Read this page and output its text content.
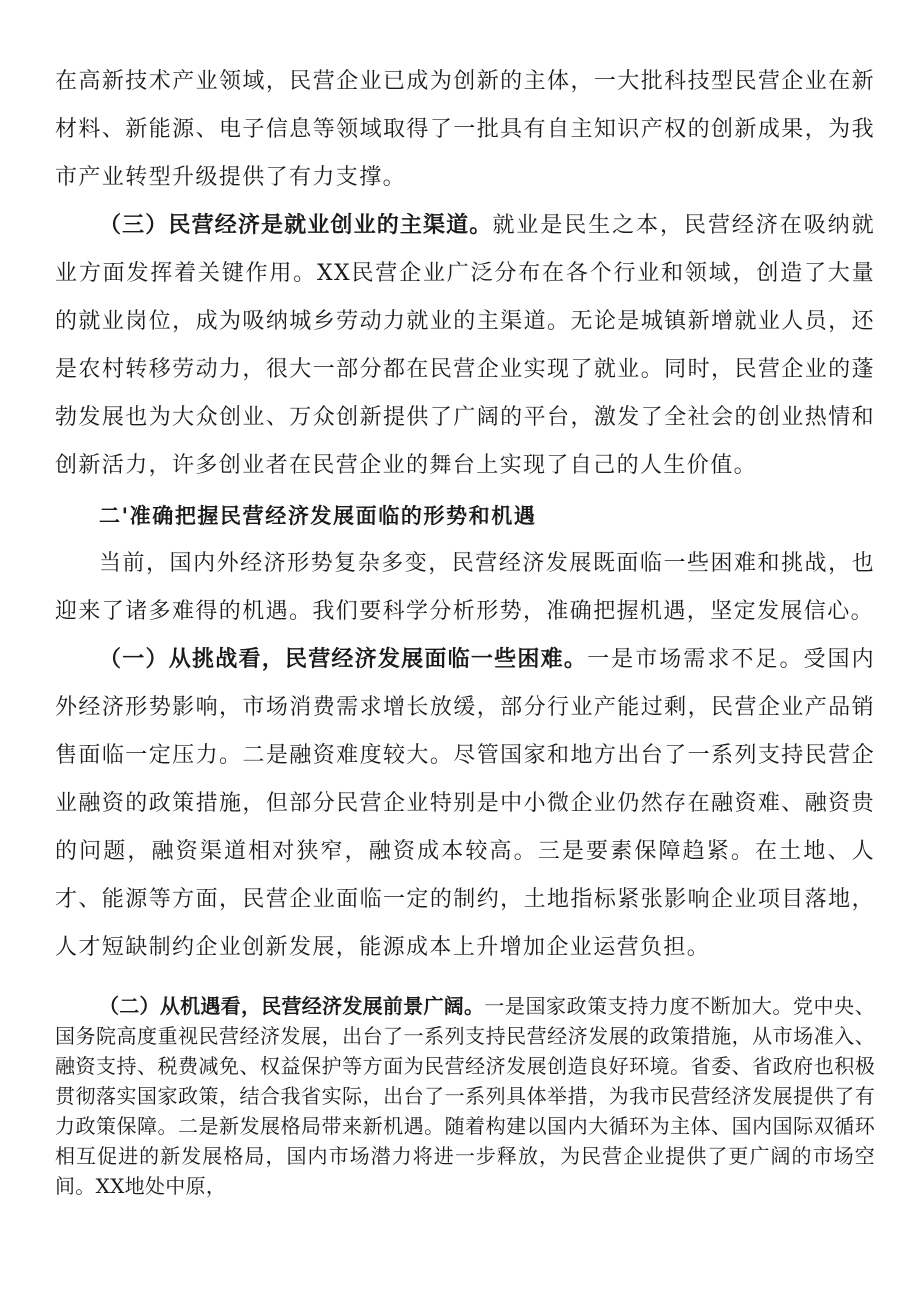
在高新技术产业领域，民营企业已成为创新的主体，一大批科技型民营企业在新材料、新能源、电子信息等领域取得了一批具有自主知识产权的创新成果，为我市产业转型升级提供了有力支撑。

（三）民营经济是就业创业的主渠道。就业是民生之本，民营经济在吸纳就业方面发挥着关键作用。XX民营企业广泛分布在各个行业和领域，创造了大量的就业岗位，成为吸纳城乡劳动力就业的主渠道。无论是城镇新增就业人员，还是农村转移劳动力，很大一部分都在民营企业实现了就业。同时，民营企业的蓬勃发展也为大众创业、万众创新提供了广阔的平台，激发了全社会的创业热情和创新活力，许多创业者在民营企业的舞台上实现了自己的人生价值。

二'准确把握民营经济发展面临的形势和机遇

当前，国内外经济形势复杂多变，民营经济发展既面临一些困难和挑战，也迎来了诸多难得的机遇。我们要科学分析形势，准确把握机遇，坚定发展信心。

（一）从挑战看，民营经济发展面临一些困难。一是市场需求不足。受国内外经济形势影响，市场消费需求增长放缓，部分行业产能过剩，民营企业产品销售面临一定压力。二是融资难度较大。尽管国家和地方出台了一系列支持民营企业融资的政策措施，但部分民营企业特别是中小微企业仍然存在融资难、融资贵的问题，融资渠道相对狭窄，融资成本较高。三是要素保障趋紧。在土地、人才、能源等方面，民营企业面临一定的制约，土地指标紧张影响企业项目落地，人才短缺制约企业创新发展，能源成本上升增加企业运营负担。

（二）从机遇看，民营经济发展前景广阔。一是国家政策支持力度不断加大。党中央、国务院高度重视民营经济发展，出台了一系列支持民营经济发展的政策措施，从市场准入、融资支持、税费减免、权益保护等方面为民营经济发展创造良好环境。省委、省政府也积极贯彻落实国家政策，结合我省实际，出台了一系列具体举措，为我市民营经济发展提供了有力政策保障。二是新发展格局带来新机遇。随着构建以国内大循环为主体、国内国际双循环相互促进的新发展格局，国内市场潜力将进一步释放，为民营企业提供了更广阔的市场空间。XX地处中原，
